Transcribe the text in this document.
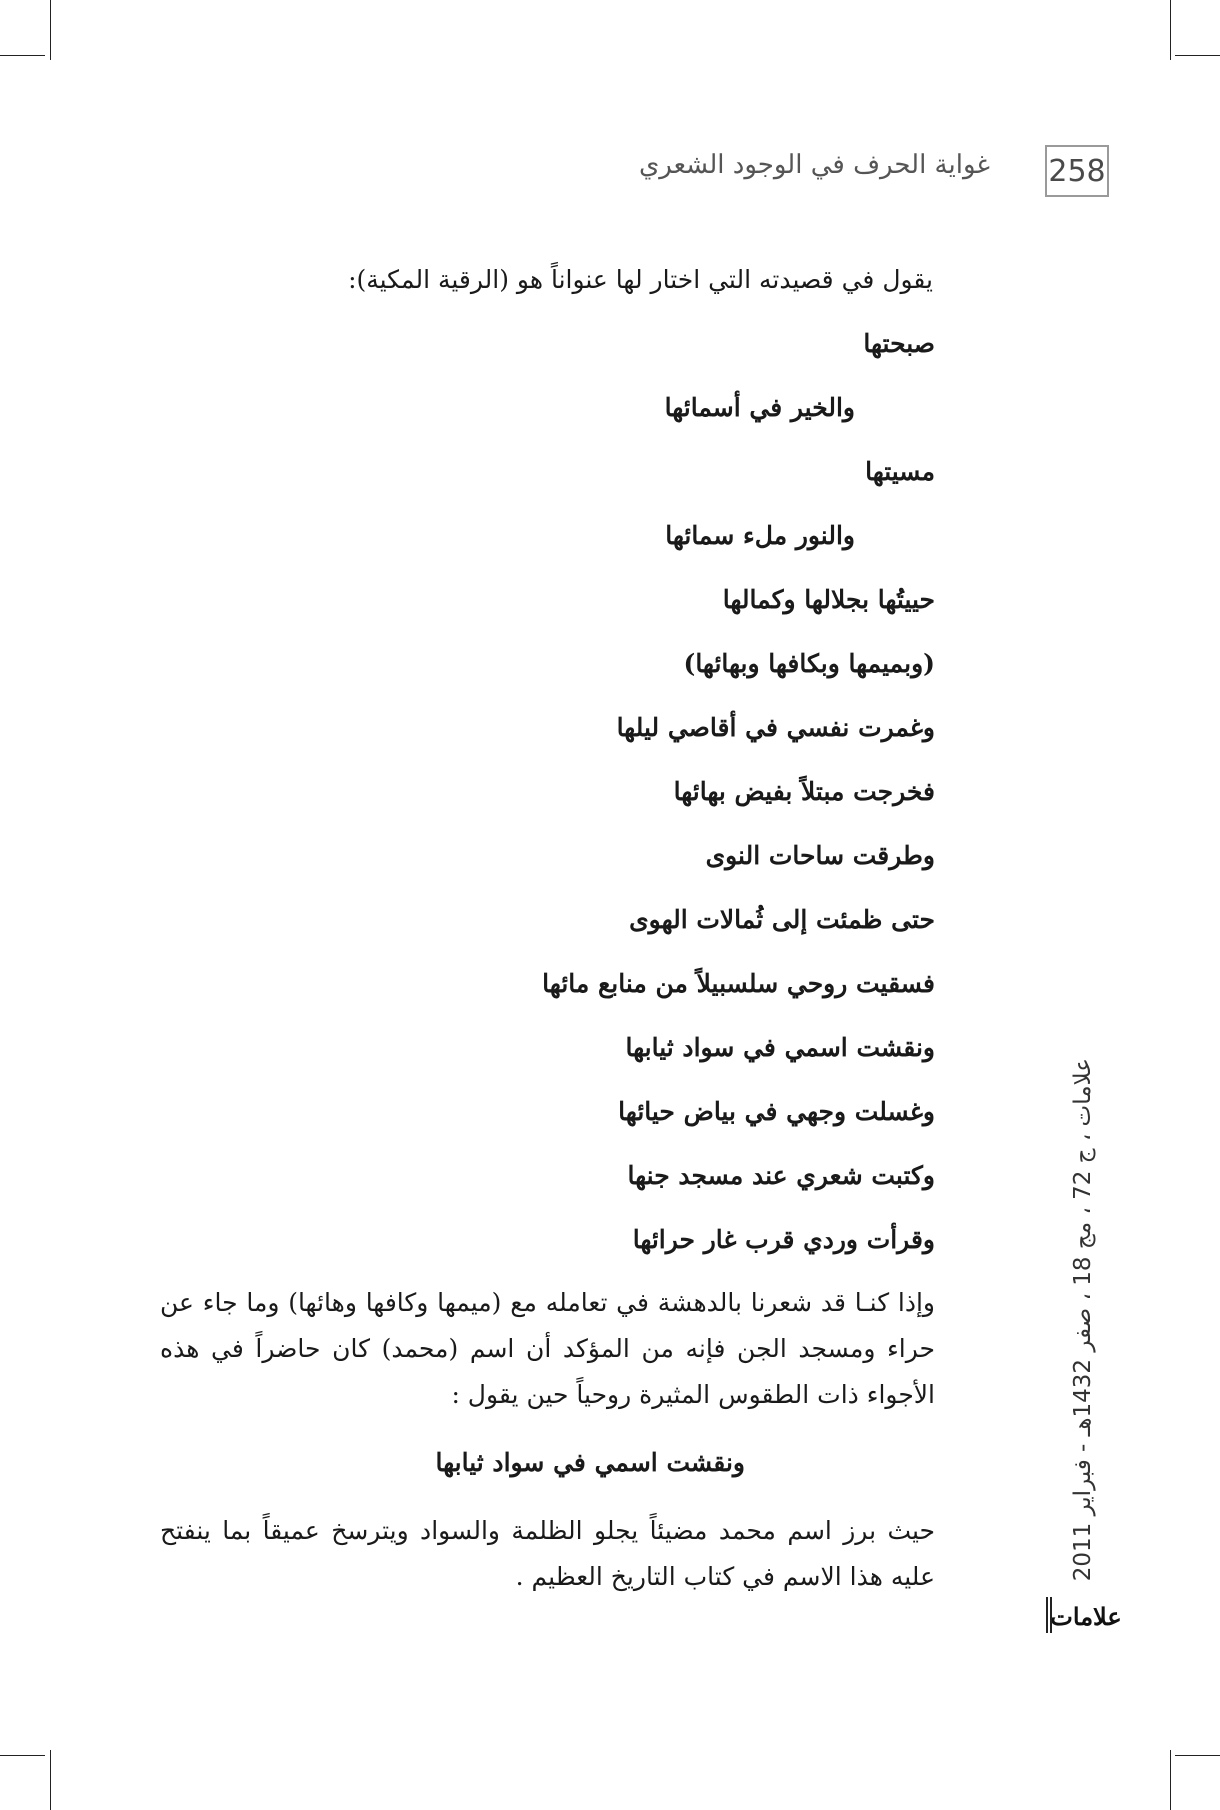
258
غواية الحرف في الوجود الشعري

يقول في قصيدته التي اختار لها عنواناً هو (الرقية المكية):

صبحتها
والخير في أسمائها
مسيتها
والنور ملء سمائها
حييتُها بجلالها وكمالها
(وبميمها وبكافها وبهائها)
وغمرت نفسي في أقاصي ليلها
فخرجت مبتلاً بفيض بهائها
وطرقت ساحات النوى
حتى ظمئت إلى ثُمالات الهوى
فسقيت روحي سلسبيلاً من منابع مائها
ونقشت اسمي في سواد ثيابها
وغسلت وجهي في بياض حيائها
وكتبت شعري عند مسجد جنها
وقرأت وردي قرب غار حرائها

وإذا كنـا قد شعرنا بالدهشة في تعامله مع (ميمها وكافها وهائها) وما جاء عن حراء ومسجد الجن فإنه من المؤكد أن اسم (محمد) كان حاضراً في هذه الأجواء ذات الطقوس المثيرة روحياً حين يقول :

ونقشت اسمي في سواد ثيابها

حيث برز اسم محمد مضيئاً يجلو الظلمة والسواد ويترسخ عميقاً بما ينفتح عليه هذا الاسم في كتاب التاريخ العظيم .	علامات ، ج 72 ، مج 18 ، صفر 1432هـ - فبراير 2011
علامات
